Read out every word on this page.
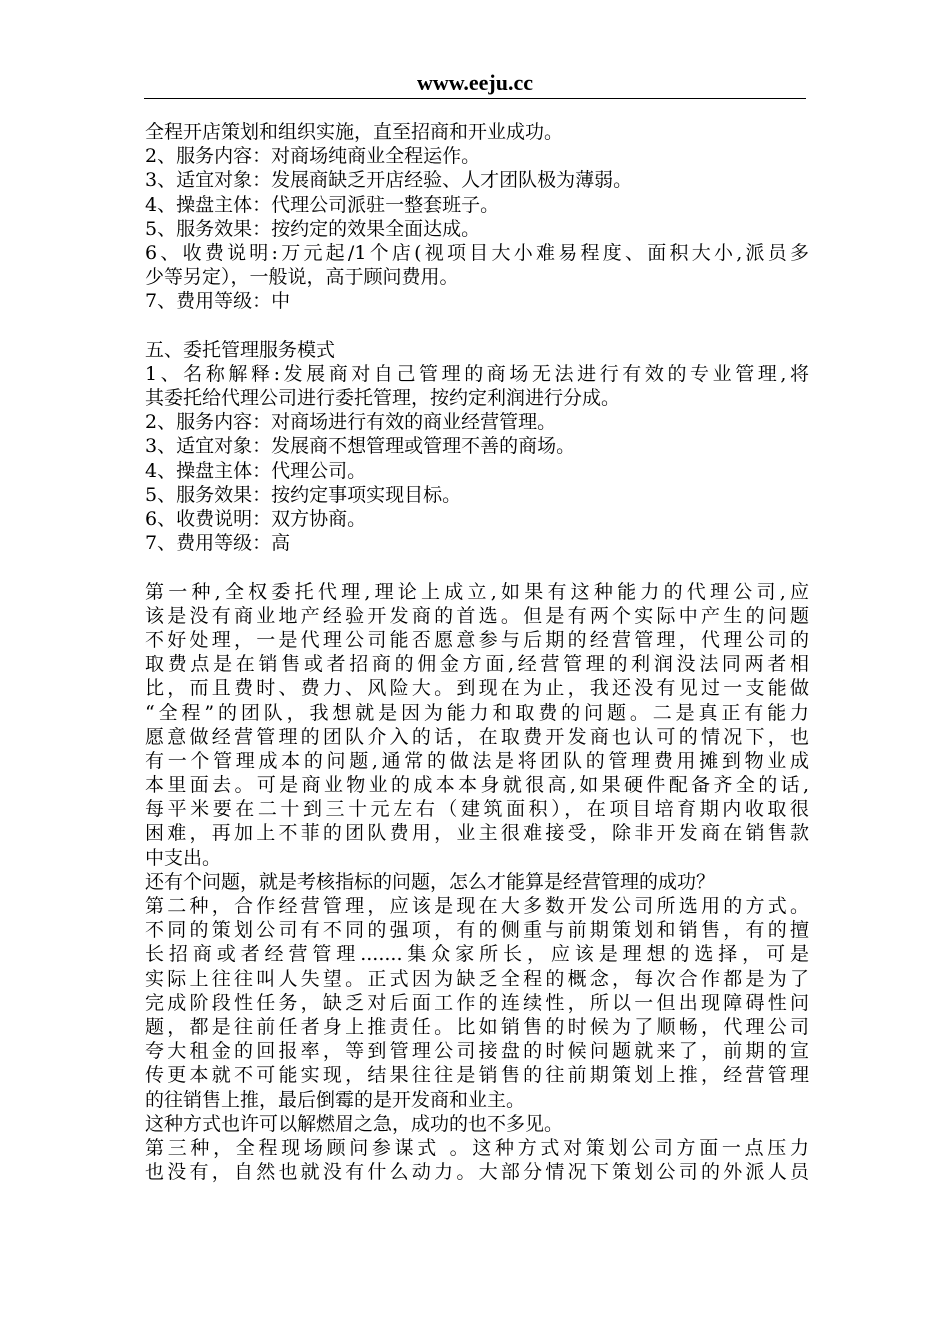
www.eeju.cc
全程开店策划和组织实施，直至招商和开业成功。
2、服务内容：对商场纯商业全程运作。
3、适宜对象：发展商缺乏开店经验、人才团队极为薄弱。
4、操盘主体：代理公司派驻一整套班子。
5、服务效果：按约定的效果全面达成。
6、收费说明:万元起/1个店(视项目大小难易程度、面积大小,派员多
少等另定），一般说，高于顾问费用。
7、费用等级：中
五、委托管理服务模式
1、名称解释:发展商对自己管理的商场无法进行有效的专业管理,将
其委托给代理公司进行委托管理，按约定利润进行分成。
2、服务内容：对商场进行有效的商业经营管理。
3、适宜对象：发展商不想管理或管理不善的商场。
4、操盘主体：代理公司。
5、服务效果：按约定事项实现目标。
6、收费说明：双方协商。
7、费用等级：高
第一种,全权委托代理,理论上成立,如果有这种能力的代理公司,应
该是没有商业地产经验开发商的首选。但是有两个实际中产生的问题
不好处理，一是代理公司能否愿意参与后期的经营管理，代理公司的
取费点是在销售或者招商的佣金方面,经营管理的利润没法同两者相
比，而且费时、费力、风险大。到现在为止，我还没有见过一支能做
“全程”的团队，我想就是因为能力和取费的问题。二是真正有能力
愿意做经营管理的团队介入的话，在取费开发商也认可的情况下，也
有一个管理成本的问题,通常的做法是将团队的管理费用摊到物业成
本里面去。可是商业物业的成本本身就很高,如果硬件配备齐全的话,
每平米要在二十到三十元左右（建筑面积），在项目培育期内收取很
困难，再加上不菲的团队费用，业主很难接受，除非开发商在销售款
中支出。
还有个问题，就是考核指标的问题，怎么才能算是经营管理的成功？
第二种，合作经营管理，应该是现在大多数开发公司所选用的方式。
不同的策划公司有不同的强项，有的侧重与前期策划和销售，有的擅
长招商或者经营管理.......集众家所长，应该是理想的选择，可是
实际上往往叫人失望。正式因为缺乏全程的概念，每次合作都是为了
完成阶段性任务，缺乏对后面工作的连续性，所以一但出现障碍性问
题，都是往前任者身上推责任。比如销售的时候为了顺畅，代理公司
夸大租金的回报率，等到管理公司接盘的时候问题就来了，前期的宣
传更本就不可能实现，结果往往是销售的往前期策划上推，经营管理
的往销售上推，最后倒霉的是开发商和业主。
这种方式也许可以解燃眉之急，成功的也不多见。
第三种，全程现场顾问参谋式 。这种方式对策划公司方面一点压力
也没有，自然也就没有什么动力。大部分情况下策划公司的外派人员
